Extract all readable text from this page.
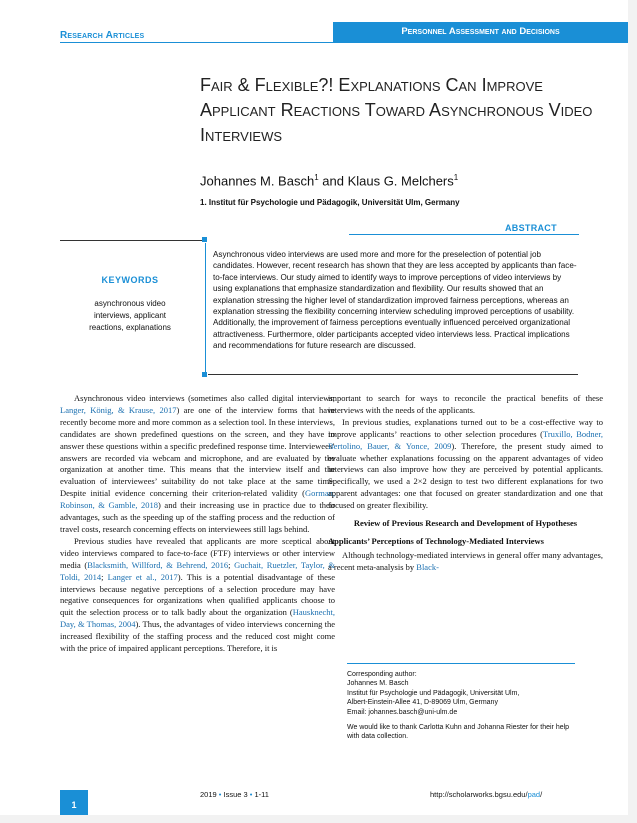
Research Articles	Personnel Assessment and Decisions
Fair & Flexible?! Explanations Can Improve Applicant Reactions Toward Asynchronous Video Interviews
Johannes M. Basch$^1$ and Klaus G. Melchers$^1$
1. Institut für Psychologie und Pädagogik, Universität Ulm, Germany
ABSTRACT
KEYWORDS
asynchronous video interviews, applicant reactions, explanations

Asynchronous video interviews are used more and more for the preselection of potential job candidates. However, recent research has shown that they are less accepted by applicants than face-to-face interviews. Our study aimed to identify ways to improve perceptions of video interviews by using explanations that emphasize standardization and flexibility. Our results showed that an explanation stressing the higher level of standardization improved fairness perceptions, whereas an explanation stressing the flexibility concerning interview scheduling improved perceptions of usability. Additionally, the improvement of fairness perceptions eventually influenced perceived organizational attractiveness. Furthermore, older participants accepted video interviews less. Practical implications and recommendations for future research are discussed.

Asynchronous video interviews (sometimes also called digital interviews; Langer, König, & Krause, 2017) are one of the interview forms that have recently become more and more common as a selection tool. In these interviews, candidates are shown predefined questions on the screen, and they have to answer these questions within a specific predefined response time. Interviewees’ answers are recorded via webcam and microphone, and are evaluated by the organization at another time. This means that the interview itself and the evaluation of interviewees’ suitability do not take place at the same time. Despite initial evidence concerning their criterion-related validity (Gorman, Robinson, & Gamble, 2018) and their increasing use in practice due to their advantages, such as the speeding up of the staffing process and the reduction of travel costs, research concerning effects on interviewees still lags behind.

Previous studies have revealed that applicants are more sceptical about video interviews compared to face-to-face (FTF) interviews or other interview media (Blacksmith, Willford, & Behrend, 2016; Guchait, Ruetzler, Taylor, & Toldi, 2014; Langer et al., 2017). This is a potential disadvantage of these interviews because negative perceptions of a selection procedure may have negative consequences for organizations when qualified applicants choose to quit the selection process or to talk badly about the organization (Hausknecht, Day, & Thomas, 2004). Thus, the advantages of video interviews concerning the increased flexibility of the staffing process and the reduced cost might come with the price of impaired applicant perceptions. Therefore, it is

important to search for ways to reconcile the practical benefits of these interviews with the needs of the applicants.

In previous studies, explanations turned out to be a cost-effective way to improve applicants’ reactions to other selection procedures (Truxillo, Bodner, Bertolino, Bauer, & Yonce, 2009). Therefore, the present study aimed to evaluate whether explanations focussing on the apparent advantages of video interviews can also improve how they are perceived by potential applicants. Specifically, we used a 2×2 design to test two different explanations for two apparent advantages: one that focused on greater standardization and one that focused on greater flexibility.

Review of Previous Research and Development of Hypotheses

Applicants’ Perceptions of Technology-Mediated Interviews

Although technology-mediated interviews in general offer many advantages, a recent meta-analysis by Black-

Corresponding author:
Johannes M. Basch
Institut für Psychologie und Pädagogik, Universität Ulm,
Albert-Einstein-Allee 41, D-89069 Ulm, Germany
Email: johannes.basch@uni-ulm.de
We would like to thank Carlotta Kuhn and Johanna Riester for their help with data collection.
1
2019 • Issue 3 • 1-11	http://scholarworks.bgsu.edu/pad/
